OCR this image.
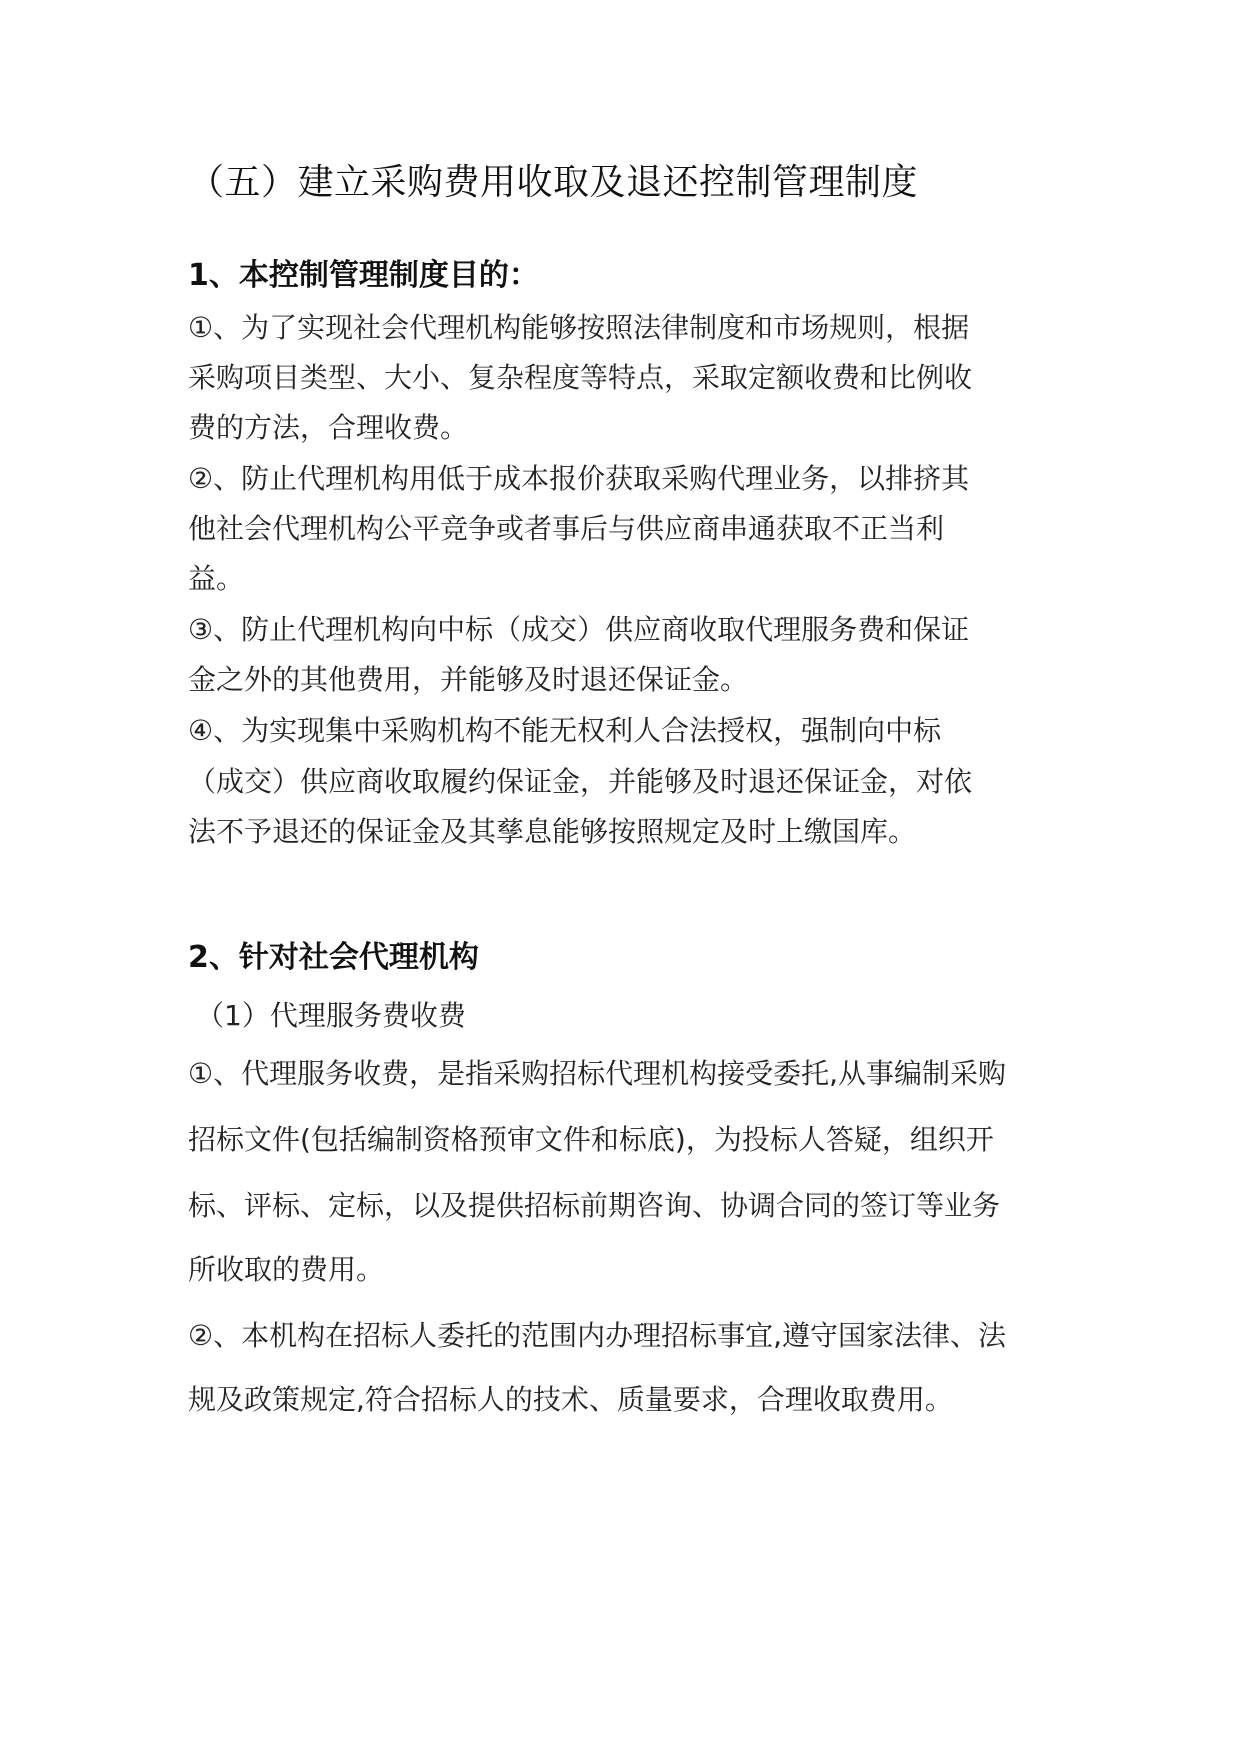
（五）建立采购费用收取及退还控制管理制度
1、本控制管理制度目的：
①、为了实现社会代理机构能够按照法律制度和市场规则，根据
采购项目类型、大小、复杂程度等特点，采取定额收费和比例收
费的方法，合理收费。
②、防止代理机构用低于成本报价获取采购代理业务，以排挤其
他社会代理机构公平竞争或者事后与供应商串通获取不正当利
益。
③、防止代理机构向中标（成交）供应商收取代理服务费和保证
金之外的其他费用，并能够及时退还保证金。
④、为实现集中采购机构不能无权利人合法授权，强制向中标
（成交）供应商收取履约保证金，并能够及时退还保证金，对依
法不予退还的保证金及其孳息能够按照规定及时上缴国库。
2、针对社会代理机构
（1）代理服务费收费
①、代理服务收费，是指采购招标代理机构接受委托,从事编制采购
招标文件(包括编制资格预审文件和标底)，为投标人答疑，组织开
标、评标、定标，以及提供招标前期咨询、协调合同的签订等业务
所收取的费用。
②、本机构在招标人委托的范围内办理招标事宜,遵守国家法律、法
规及政策规定,符合招标人的技术、质量要求，合理收取费用。
